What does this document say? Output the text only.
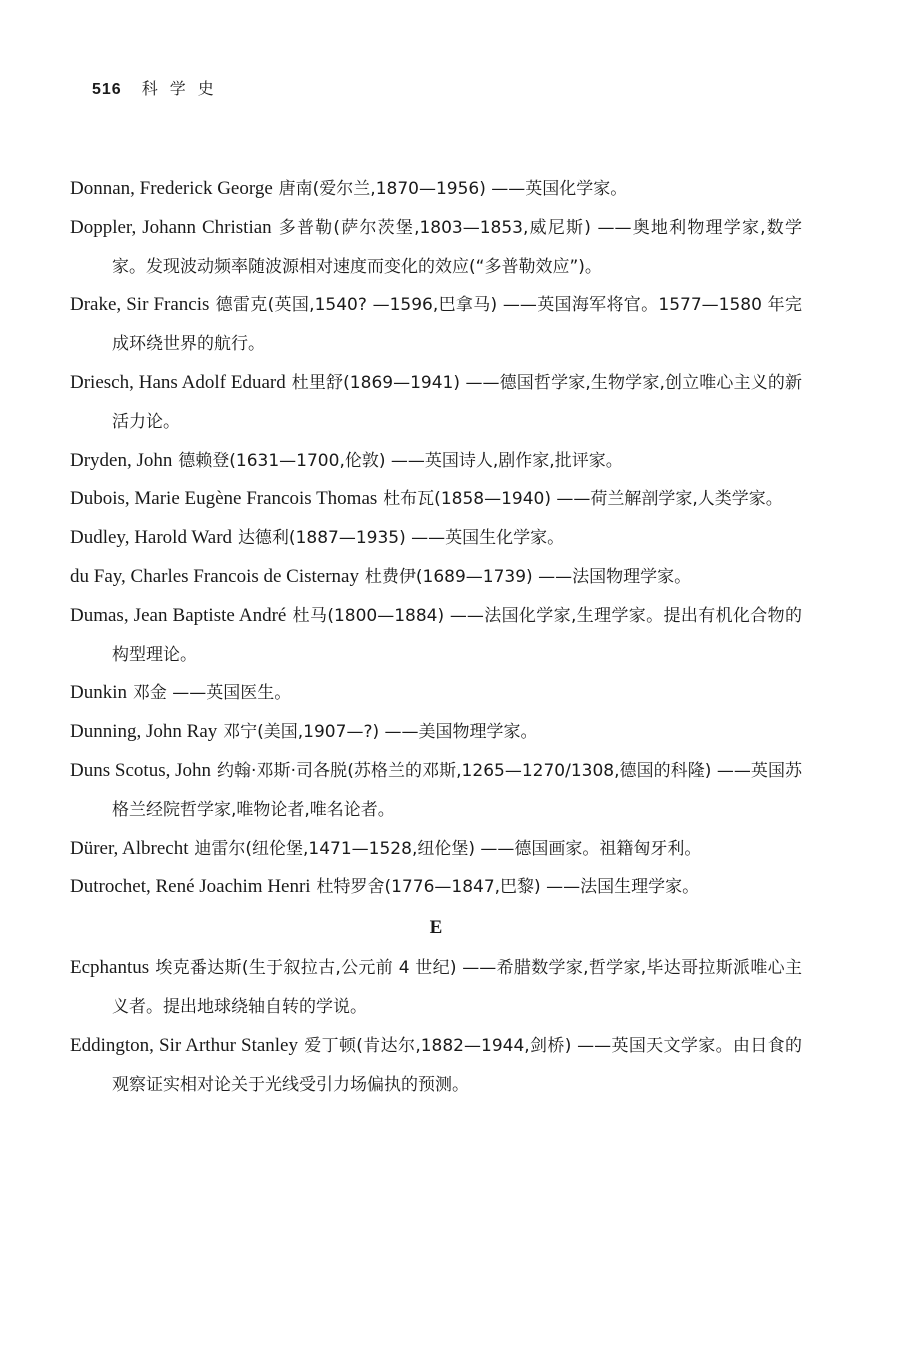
516 科学史

Donnan, Frederick George 唐南(爱尔兰,1870—1956) ——英国化学家。

Doppler, Johann Christian 多普勒(萨尔茨堡,1803—1853,威尼斯) ——奥地利物理学家,数学家。发现波动频率随波源相对速度而变化的效应(“多普勒效应”)。

Drake, Sir Francis 德雷克(英国,1540? —1596,巴拿马) ——英国海军将官。1577—1580 年完成环绕世界的航行。

Driesch, Hans Adolf Eduard 杜里舒(1869—1941) ——德国哲学家,生物学家,创立唯心主义的新活力论。

Dryden, John 德赖登(1631—1700,伦敦) ——英国诗人,剧作家,批评家。

Dubois, Marie Eugène Francois Thomas 杜布瓦(1858—1940) ——荷兰解剖学家,人类学家。

Dudley, Harold Ward 达德利(1887—1935) ——英国生化学家。

du Fay, Charles Francois de Cisternay 杜费伊(1689—1739) ——法国物理学家。

Dumas, Jean Baptiste André 杜马(1800—1884) ——法国化学家,生理学家。提出有机化合物的构型理论。

Dunkin 邓金 ——英国医生。

Dunning, John Ray 邓宁(美国,1907—?) ——美国物理学家。

Duns Scotus, John 约翰·邓斯·司各脱(苏格兰的邓斯,1265—1270/1308,德国的科隆) ——英国苏格兰经院哲学家,唯物论者,唯名论者。

Dürer, Albrecht 迪雷尔(纽伦堡,1471—1528,纽伦堡) ——德国画家。祖籍匈牙利。

Dutrochet, René Joachim Henri 杜特罗舍(1776—1847,巴黎) ——法国生理学家。

E

Ecphantus 埃克番达斯(生于叙拉古,公元前 4 世纪) ——希腊数学家,哲学家,毕达哥拉斯派唯心主义者。提出地球绕轴自转的学说。

Eddington, Sir Arthur Stanley 爱丁顿(肯达尔,1882—1944,剑桥) ——英国天文学家。由日食的观察证实相对论关于光线受引力场偏执的预测。
